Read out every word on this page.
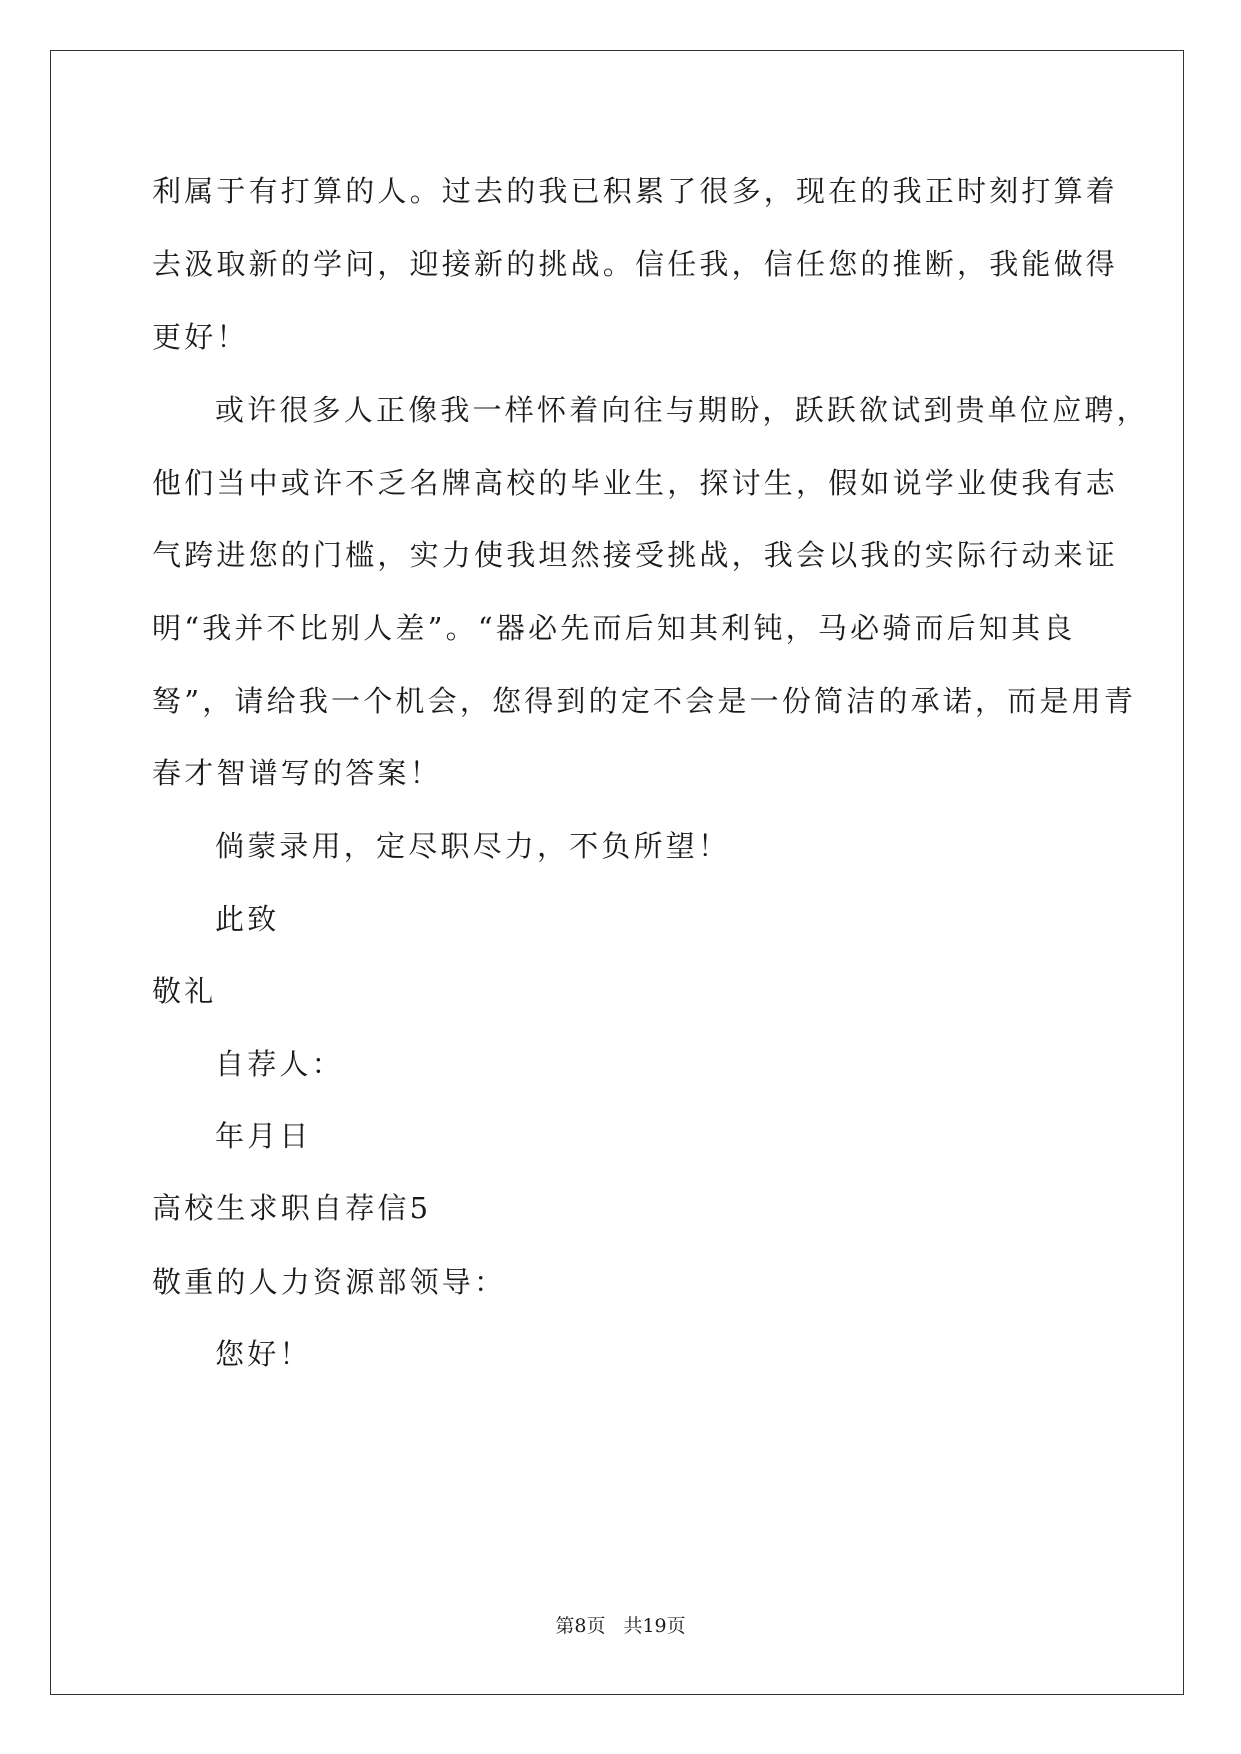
利属于有打算的人。过去的我已积累了很多，现在的我正时刻打算着
去汲取新的学问，迎接新的挑战。信任我，信任您的推断，我能做得
更好！
或许很多人正像我一样怀着向往与期盼，跃跃欲试到贵单位应聘，
他们当中或许不乏名牌高校的毕业生，探讨生，假如说学业使我有志
气跨进您的门槛，实力使我坦然接受挑战，我会以我的实际行动来证
明“我并不比别人差”。“器必先而后知其利钝，马必骑而后知其良
驽”，请给我一个机会，您得到的定不会是一份简洁的承诺，而是用青
春才智谱写的答案！
倘蒙录用，定尽职尽力，不负所望！
此致
敬礼
自荐人：
年月日
高校生求职自荐信5
敬重的人力资源部领导：
您好！
第8页 共19页
